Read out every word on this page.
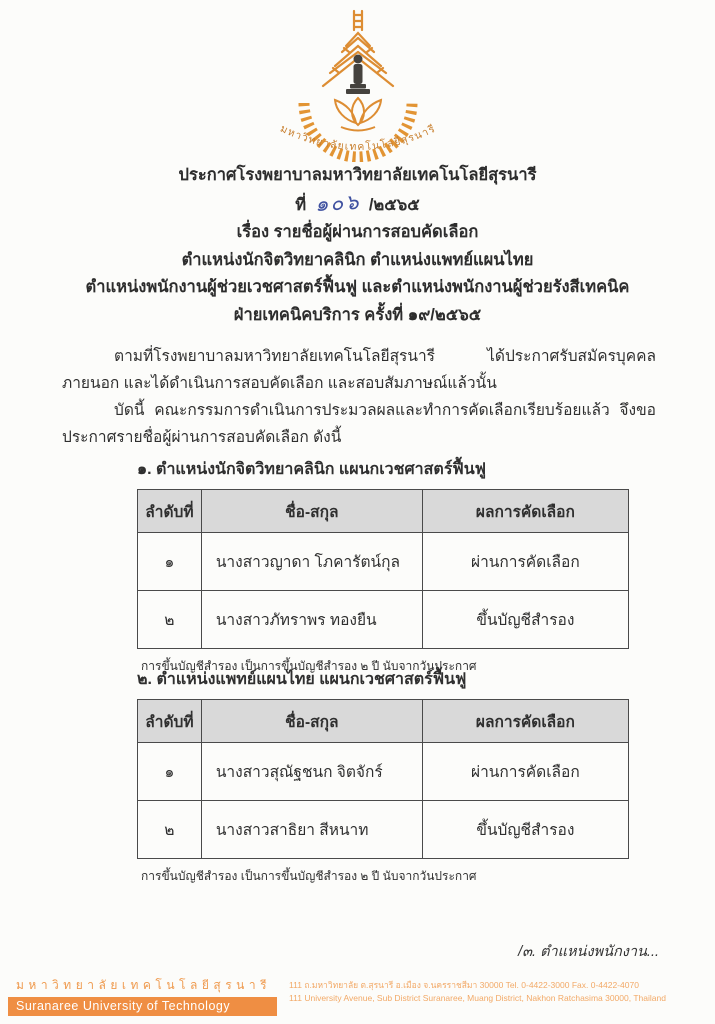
มหาวิทยาลัยเทคโนโลยีสุรนารี
ประกาศโรงพยาบาลมหาวิทยาลัยเทคโนโลยีสุรนารี
ที่ ๑๐๖ /๒๕๖๕
เรื่อง รายชื่อผู้ผ่านการสอบคัดเลือก
ตำแหน่งนักจิตวิทยาคลินิก ตำแหน่งแพทย์แผนไทย
ตำแหน่งพนักงานผู้ช่วยเวชศาสตร์ฟื้นฟู และตำแหน่งพนักงานผู้ช่วยรังสีเทคนิค
ฝ่ายเทคนิคบริการ ครั้งที่ ๑๙/๒๕๖๕

ตามที่โรงพยาบาลมหาวิทยาลัยเทคโนโลยีสุรนารี ได้ประกาศรับสมัครบุคคลภายนอก และได้ดำเนินการสอบคัดเลือก และสอบสัมภาษณ์แล้วนั้น

บัดนี้ คณะกรรมการดำเนินการประมวลผลและทำการคัดเลือกเรียบร้อยแล้ว จึงขอประกาศรายชื่อผู้ผ่านการสอบคัดเลือก ดังนี้

๑. ตำแหน่งนักจิตวิทยาคลินิก แผนกเวชศาสตร์ฟื้นฟู

ลำดับที่	ชื่อ-สกุล	ผลการคัดเลือก
๑	นางสาวญาดา โภคารัตน์กุล	ผ่านการคัดเลือก
๒	นางสาวภัทราพร ทองยืน	ขึ้นบัญชีสำรอง

การขึ้นบัญชีสำรอง เป็นการขึ้นบัญชีสำรอง ๒ ปี นับจากวันประกาศ

๒. ตำแหน่งแพทย์แผนไทย แผนกเวชศาสตร์ฟื้นฟู

ลำดับที่	ชื่อ-สกุล	ผลการคัดเลือก
๑	นางสาวสุณัฐชนก จิตจักร์	ผ่านการคัดเลือก
๒	นางสาวสาธิยา สีหนาท	ขึ้นบัญชีสำรอง

การขึ้นบัญชีสำรอง เป็นการขึ้นบัญชีสำรอง ๒ ปี นับจากวันประกาศ

/๓. ตำแหน่งพนักงาน...
มหาวิทยาลัยเทคโนโลยีสุรนารี
Suranaree University of Technology
111 ถ.มหาวิทยาลัย ต.สุรนารี อ.เมือง จ.นครราชสีมา 30000 Tel. 0-4422-3000 Fax. 0-4422-4070
111 University Avenue, Sub District Suranaree, Muang District, Nakhon Ratchasima 30000, Thailand
